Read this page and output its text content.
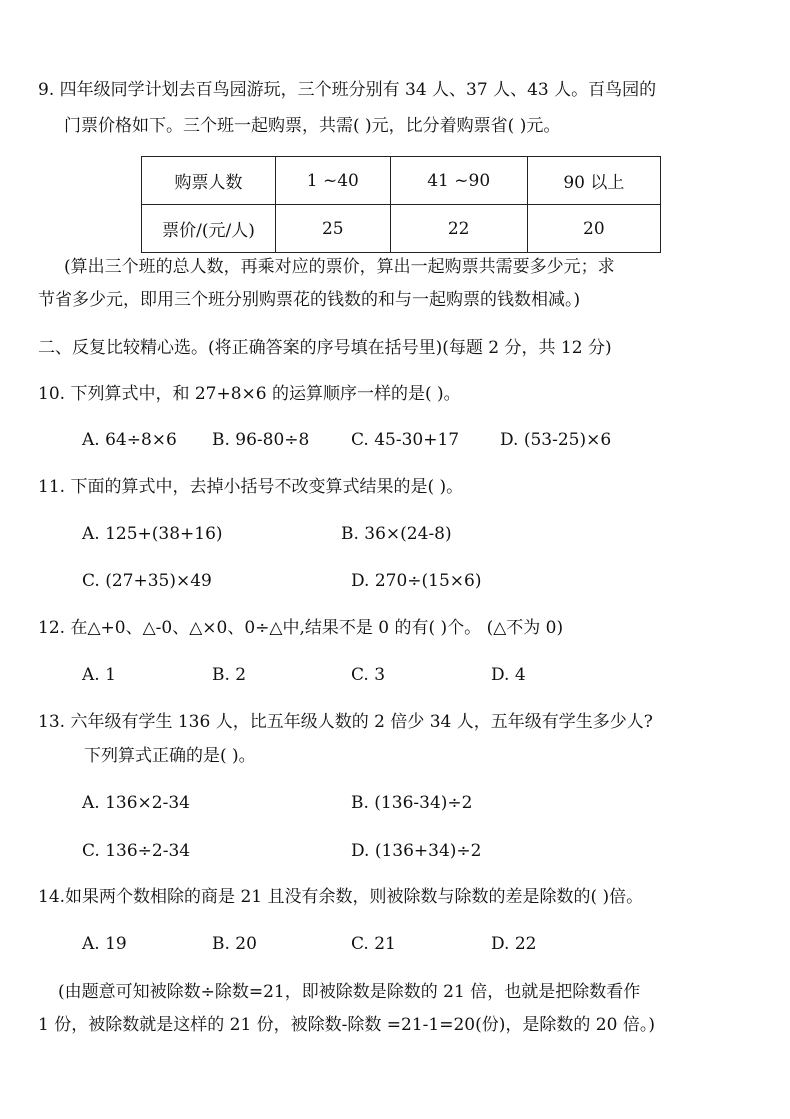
9. 四年级同学计划去百鸟园游玩，三个班分别有 34 人、37 人、43 人。百鸟园的
门票价格如下。三个班一起购票，共需( )元，比分着购票省( )元。
购票人数	1 ~40	41 ~90	90 以上
票价/(元/人)	25	22	20
(算出三个班的总人数，再乘对应的票价，算出一起购票共需要多少元；求
节省多少元，即用三个班分别购票花的钱数的和与一起购票的钱数相减。)
二、反复比较精心选。(将正确答案的序号填在括号里)(每题 2 分，共 12 分)
10. 下列算式中，和 27+8×6 的运算顺序一样的是( )。
A. 64÷8×6 B. 96-80÷8 C. 45-30+17 D. (53-25)×6
11. 下面的算式中，去掉小括号不改变算式结果的是( )。
A. 125+(38+16)	B. 36×(24-8)
C. (27+35)×49	D. 270÷(15×6)
12. 在△+0、△-0、△×0、0÷△中,结果不是 0 的有( )个。 (△不为 0)
A. 1	B. 2	C. 3	D. 4
13. 六年级有学生 136 人，比五年级人数的 2 倍少 34 人，五年级有学生多少人?
下列算式正确的是( )。
A. 136×2-34	B. (136-34)÷2
C. 136÷2-34	D. (136+34)÷2
14.如果两个数相除的商是 21 且没有余数，则被除数与除数的差是除数的( )倍。
A. 19	B. 20	C. 21	D. 22
(由题意可知被除数÷除数=21，即被除数是除数的 21 倍，也就是把除数看作
1 份，被除数就是这样的 21 份，被除数-除数 =21-1=20(份)，是除数的 20 倍。)
